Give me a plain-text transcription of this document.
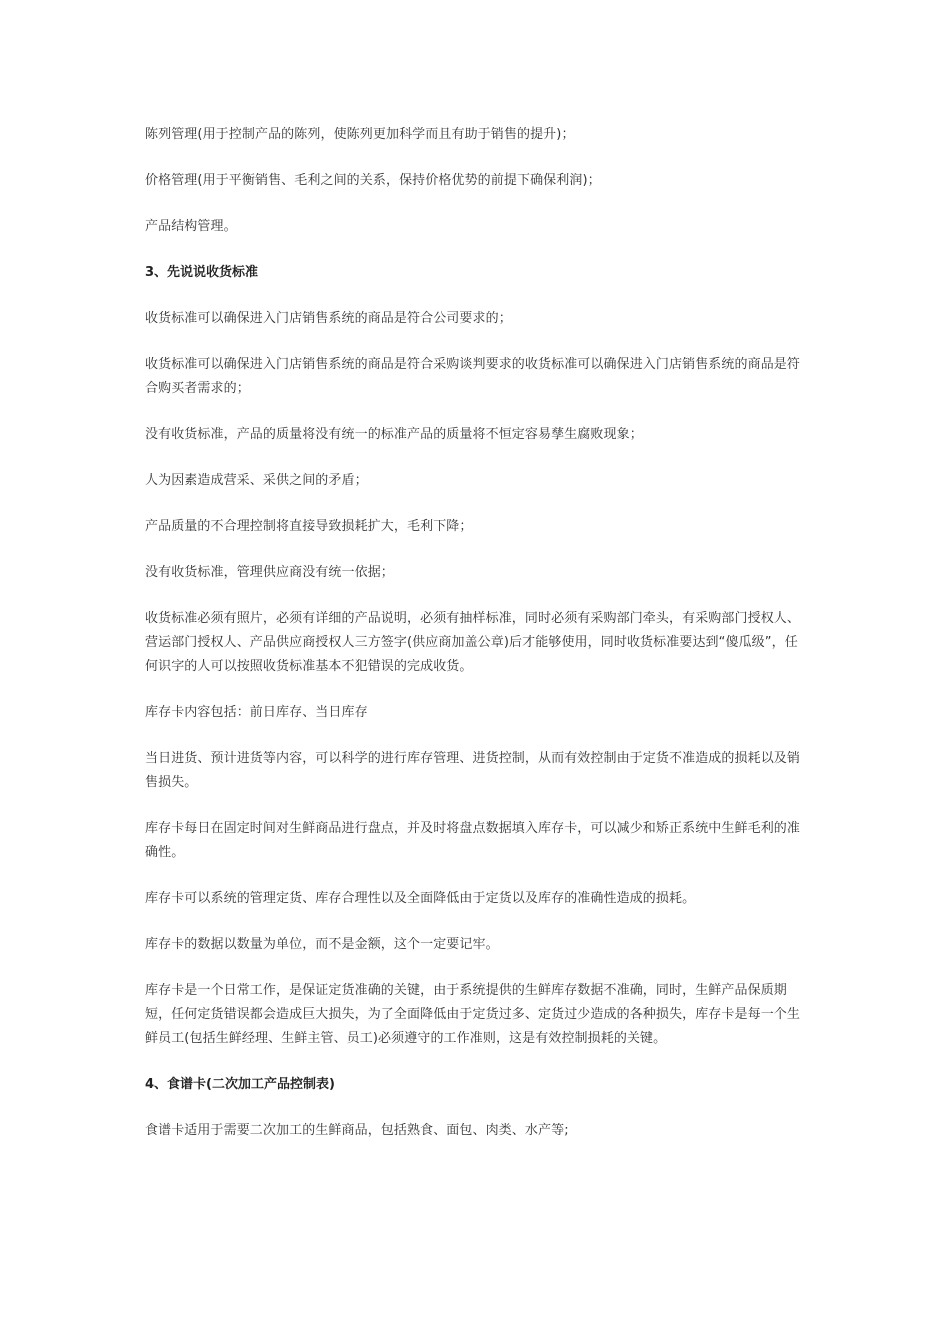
陈列管理(用于控制产品的陈列，使陈列更加科学而且有助于销售的提升)；

价格管理(用于平衡销售、毛利之间的关系，保持价格优势的前提下确保利润)；

产品结构管理。

3、先说说收货标准

收货标准可以确保进入门店销售系统的商品是符合公司要求的；

收货标准可以确保进入门店销售系统的商品是符合采购谈判要求的收货标准可以确保进入门店销售系统的商品是符合购买者需求的；

没有收货标准，产品的质量将没有统一的标准产品的质量将不恒定容易孳生腐败现象；

人为因素造成营采、采供之间的矛盾；

产品质量的不合理控制将直接导致损耗扩大，毛利下降；

没有收货标准，管理供应商没有统一依据；

收货标准必须有照片，必须有详细的产品说明，必须有抽样标准，同时必须有采购部门牵头，有采购部门授权人、营运部门授权人、产品供应商授权人三方签字(供应商加盖公章)后才能够使用，同时收货标准要达到“傻瓜级”，任何识字的人可以按照收货标准基本不犯错误的完成收货。

库存卡内容包括：前日库存、当日库存

当日进货、预计进货等内容，可以科学的进行库存管理、进货控制，从而有效控制由于定货不准造成的损耗以及销售损失。

库存卡每日在固定时间对生鲜商品进行盘点，并及时将盘点数据填入库存卡，可以减少和矫正系统中生鲜毛利的准确性。

库存卡可以系统的管理定货、库存合理性以及全面降低由于定货以及库存的准确性造成的损耗。

库存卡的数据以数量为单位，而不是金额，这个一定要记牢。

库存卡是一个日常工作，是保证定货准确的关键，由于系统提供的生鲜库存数据不准确，同时，生鲜产品保质期短，任何定货错误都会造成巨大损失，为了全面降低由于定货过多、定货过少造成的各种损失，库存卡是每一个生鲜员工(包括生鲜经理、生鲜主管、员工)必须遵守的工作准则，这是有效控制损耗的关键。

4、食谱卡(二次加工产品控制表)

食谱卡适用于需要二次加工的生鲜商品，包括熟食、面包、肉类、水产等;
